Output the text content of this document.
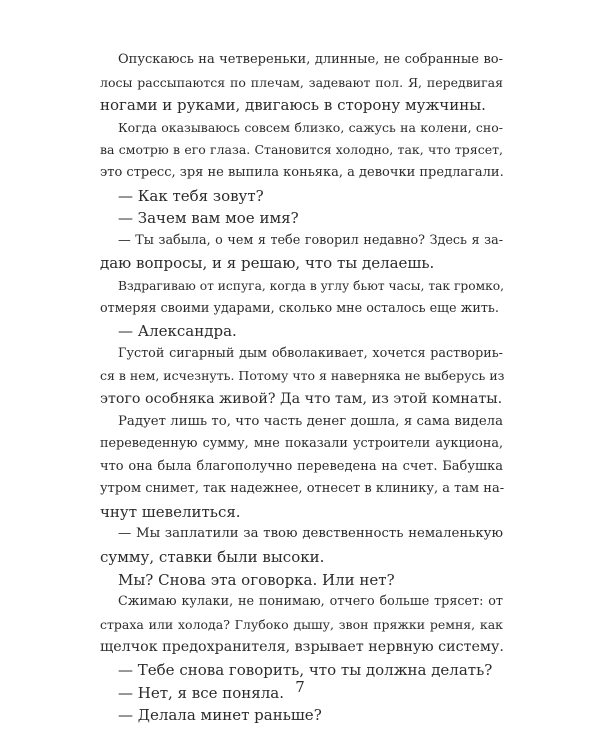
Опускаюсь на четвереньки, длинные, не собранные во-
лосы рассыпаются по плечам, задевают пол. Я, передвигая
ногами и руками, двигаюсь в сторону мужчины.
Когда оказываюсь совсем близко, сажусь на колени, сно-
ва смотрю в его глаза. Становится холодно, так, что трясет,
это стресс, зря не выпила коньяка, а девочки предлагали.
— Как тебя зовут?
— Зачем вам мое имя?
— Ты забыла, о чем я тебе говорил недавно? Здесь я за-
даю вопросы, и я решаю, что ты делаешь.
Вздрагиваю от испуга, когда в углу бьют часы, так громко,
отмеряя своими ударами, сколько мне осталось еще жить.
— Александра.
Густой сигарный дым обволакивает, хочется раствориь-
ся в нем, исчезнуть. Потому что я наверняка не выберусь из
этого особняка живой? Да что там, из этой комнаты.
Радует лишь то, что часть денег дошла, я сама видела
переведенную сумму, мне показали устроители аукциона,
что она была благополучно переведена на счет. Бабушка
утром снимет, так надежнее, отнесет в клинику, а там на-
чнут шевелиться.
— Мы заплатили за твою девственность немаленькую
сумму, ставки были высоки.
Мы? Снова эта оговорка. Или нет?
Сжимаю кулаки, не понимаю, отчего больше трясет: от
страха или холода? Глубоко дышу, звон пряжки ремня, как
щелчок предохранителя, взрывает нервную систему.
— Тебе снова говорить, что ты должна делать?
— Нет, я все поняла.
— Делала минет раньше?
7
